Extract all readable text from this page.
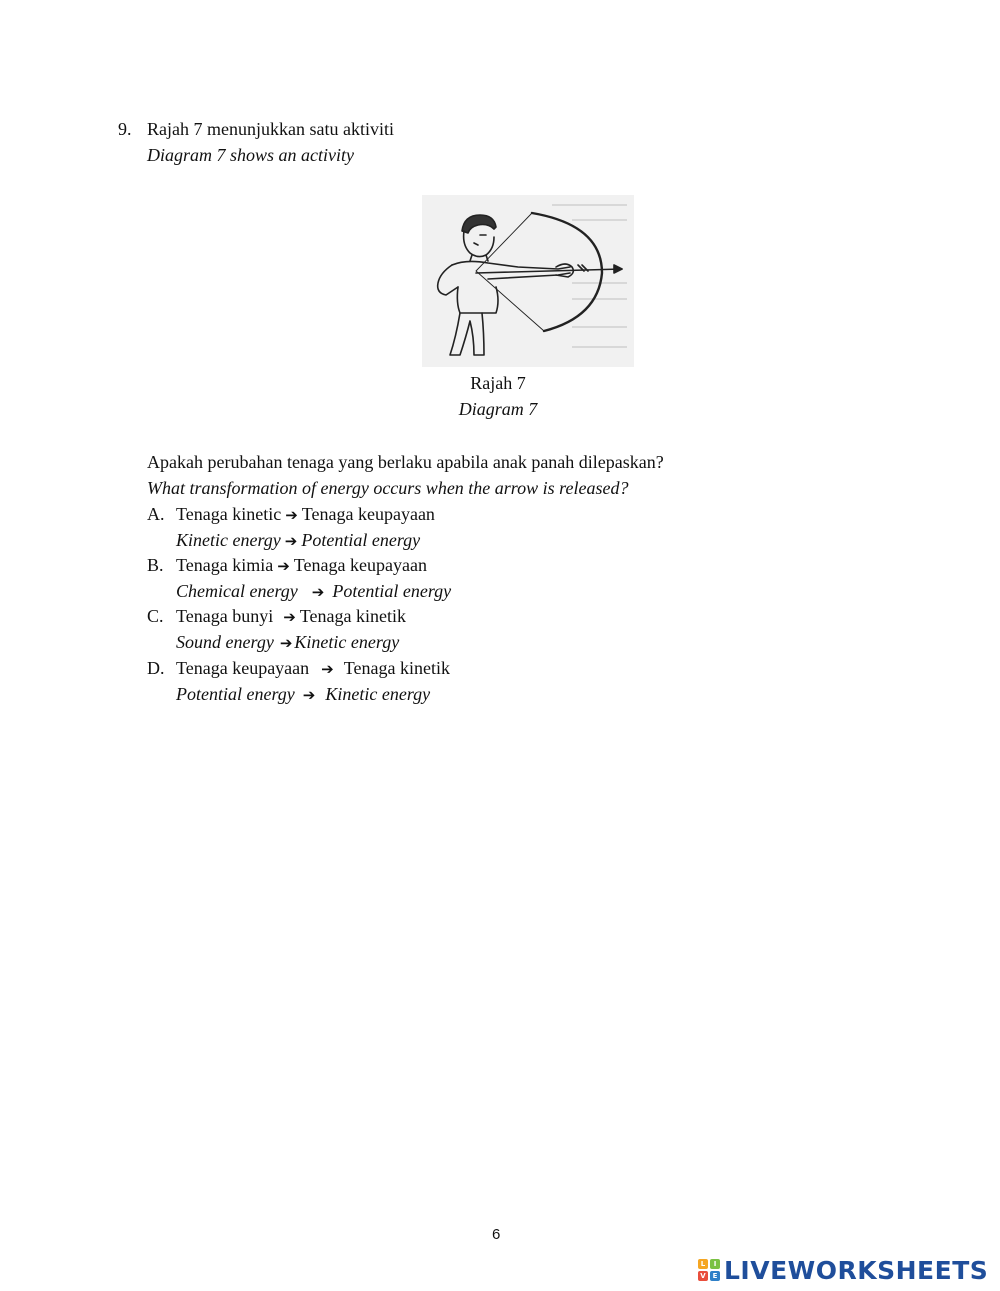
9. Rajah 7 menunjukkan satu aktiviti
Diagram 7 shows an activity
Rajah 7
Diagram 7
Apakah perubahan tenaga yang berlaku apabila anak panah dilepaskan?
What transformation of energy occurs when the arrow is released?
A. Tenaga kinetic ➔ Tenaga keupayaan
Kinetic energy ➔ Potential energy
B. Tenaga kimia ➔ Tenaga keupayaan
Chemical energy ➔ Potential energy
C. Tenaga bunyi ➔ Tenaga kinetik
Sound energy ➔ Kinetic energy
D. Tenaga keupayaan ➔ Tenaga kinetik
Potential energy ➔ Kinetic energy
6
L	I
V E LIVEWORKSHEETS
